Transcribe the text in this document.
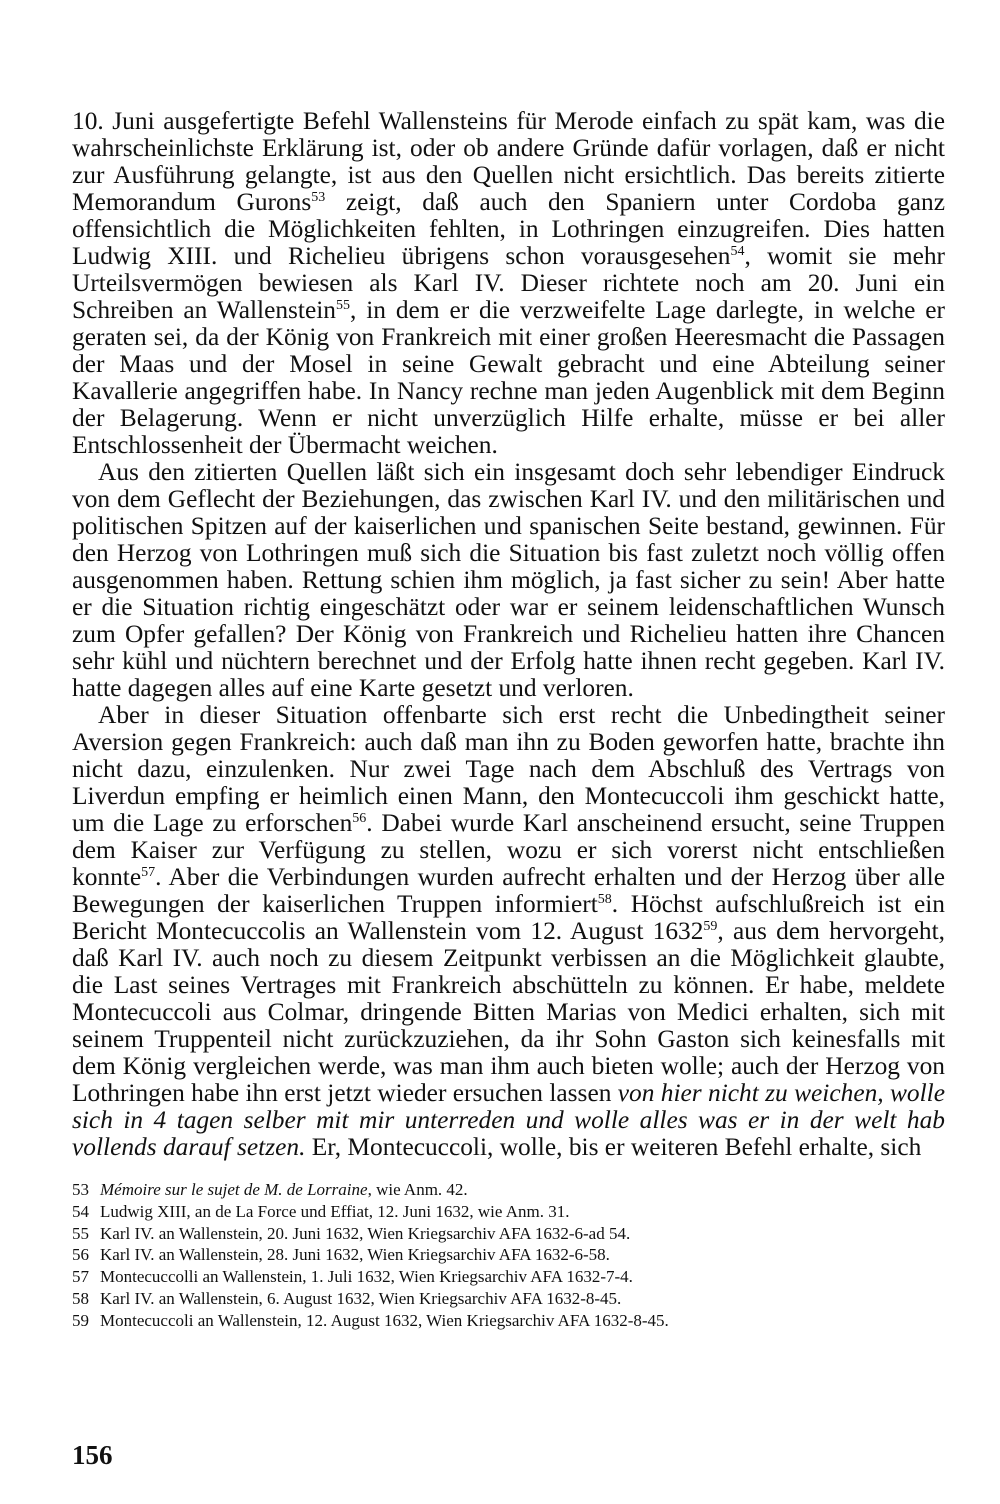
10. Juni ausgefertigte Befehl Wallensteins für Merode einfach zu spät kam, was die wahrscheinlichste Erklärung ist, oder ob andere Gründe dafür vorlagen, daß er nicht zur Ausführung gelangte, ist aus den Quellen nicht ersichtlich. Das bereits zitierte Memorandum Gurons$^{53}$ zeigt, daß auch den Spaniern unter Cordoba ganz offensichtlich die Möglichkeiten fehlten, in Lothringen einzugreifen. Dies hatten Ludwig XIII. und Richelieu übrigens schon vorausgesehen$^{54}$, womit sie mehr Urteilsvermögen bewiesen als Karl IV. Dieser richtete noch am 20. Juni ein Schreiben an Wallenstein$^{55}$, in dem er die verzweifelte Lage darlegte, in welche er geraten sei, da der König von Frankreich mit einer großen Heeresmacht die Passagen der Maas und der Mosel in seine Gewalt gebracht und eine Abteilung seiner Kavallerie angegriffen habe. In Nancy rechne man jeden Augenblick mit dem Beginn der Belagerung. Wenn er nicht unverzüglich Hilfe erhalte, müsse er bei aller Entschlossenheit der Übermacht weichen.

Aus den zitierten Quellen läßt sich ein insgesamt doch sehr lebendiger Eindruck von dem Geflecht der Beziehungen, das zwischen Karl IV. und den militärischen und politischen Spitzen auf der kaiserlichen und spanischen Seite bestand, gewinnen. Für den Herzog von Lothringen muß sich die Situation bis fast zuletzt noch völlig offen ausgenommen haben. Rettung schien ihm möglich, ja fast sicher zu sein! Aber hatte er die Situation richtig eingeschätzt oder war er seinem leidenschaftlichen Wunsch zum Opfer gefallen? Der König von Frankreich und Richelieu hatten ihre Chancen sehr kühl und nüchtern berechnet und der Erfolg hatte ihnen recht gegeben. Karl IV. hatte dagegen alles auf eine Karte gesetzt und verloren.

Aber in dieser Situation offenbarte sich erst recht die Unbedingtheit seiner Aversion gegen Frankreich: auch daß man ihn zu Boden geworfen hatte, brachte ihn nicht dazu, einzulenken. Nur zwei Tage nach dem Abschluß des Vertrags von Liverdun empfing er heimlich einen Mann, den Montecuccoli ihm geschickt hatte, um die Lage zu erforschen$^{56}$. Dabei wurde Karl anscheinend ersucht, seine Truppen dem Kaiser zur Verfügung zu stellen, wozu er sich vorerst nicht entschließen konnte$^{57}$. Aber die Verbindungen wurden aufrecht erhalten und der Herzog über alle Bewegungen der kaiserlichen Truppen informiert$^{58}$. Höchst aufschlußreich ist ein Bericht Montecuccolis an Wallenstein vom 12. August 1632$^{59}$, aus dem hervorgeht, daß Karl IV. auch noch zu diesem Zeitpunkt verbissen an die Möglichkeit glaubte, die Last seines Vertrages mit Frankreich abschütteln zu können. Er habe, meldete Montecuccoli aus Colmar, dringende Bitten Marias von Medici erhalten, sich mit seinem Truppenteil nicht zurückzuziehen, da ihr Sohn Gaston sich keinesfalls mit dem König vergleichen werde, was man ihm auch bieten wolle; auch der Herzog von Lothringen habe ihn erst jetzt wieder ersuchen lassen von hier nicht zu weichen, wolle sich in 4 tagen selber mit mir unterreden und wolle alles was er in der welt hab vollends darauf setzen. Er, Montecuccoli, wolle, bis er weiteren Befehl erhalte, sich

53 Mémoire sur le sujet de M. de Lorraine, wie Anm. 42.

54 Ludwig XIII, an de La Force und Effiat, 12. Juni 1632, wie Anm. 31.

55 Karl IV. an Wallenstein, 20. Juni 1632, Wien Kriegsarchiv AFA 1632-6-ad 54.

56 Karl IV. an Wallenstein, 28. Juni 1632, Wien Kriegsarchiv AFA 1632-6-58.

57 Montecuccolli an Wallenstein, 1. Juli 1632, Wien Kriegsarchiv AFA 1632-7-4.

58 Karl IV. an Wallenstein, 6. August 1632, Wien Kriegsarchiv AFA 1632-8-45.

59 Montecuccoli an Wallenstein, 12. August 1632, Wien Kriegsarchiv AFA 1632-8-45.

156
